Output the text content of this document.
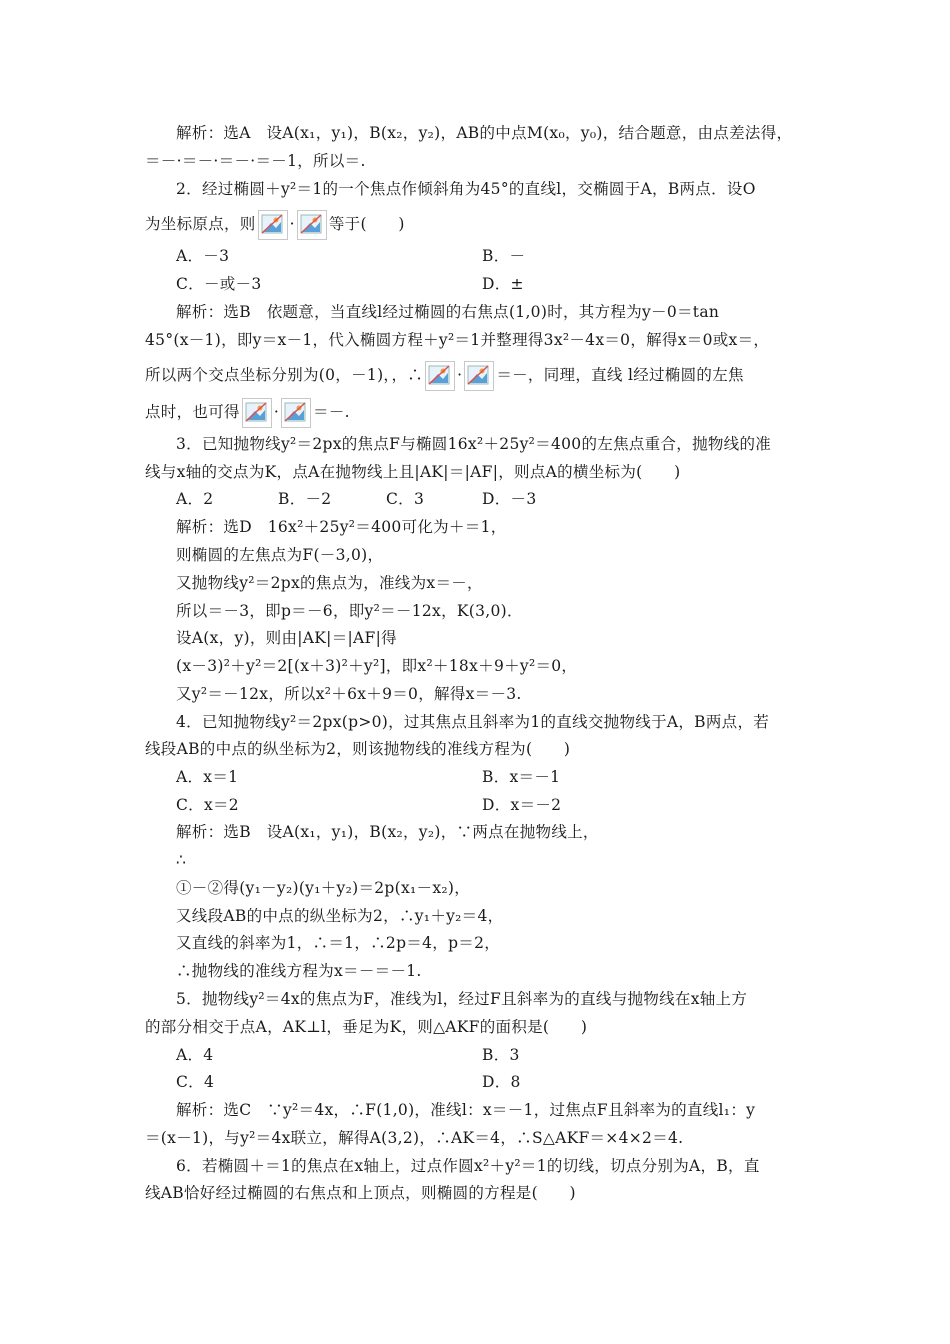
解析：选A　设A(x₁，y₁)，B(x₂，y₂)，AB的中点M(x₀，y₀)，结合题意，由点差法得，
＝－·＝－·＝－·＝－1，所以＝.
2．经过椭圆＋y²＝1的一个焦点作倾斜角为45°的直线l，交椭圆于A，B两点．设O
为坐标原点，则 · 等于(　　)
A．－3	B．－
C．－或－3	D．±
解析：选B　依题意，当直线l经过椭圆的右焦点(1,0)时，其方程为y－0＝tan
45°(x－1)，即y＝x－1，代入椭圆方程＋y²＝1并整理得3x²－4x＝0，解得x＝0或x＝，
所以两个交点坐标分别为(0，－1)，，∴ · ＝－，同理，直线 l经过椭圆的左焦
点时，也可得 · ＝－.
3．已知抛物线y²＝2px的焦点F与椭圆16x²＋25y²＝400的左焦点重合，抛物线的准
线与x轴的交点为K，点A在抛物线上且|AK|＝|AF|，则点A的横坐标为(　　)
A．2	B．－2	C．3	D．－3
解析：选D　16x²＋25y²＝400可化为＋＝1，
则椭圆的左焦点为F(－3,0)，
又抛物线y²＝2px的焦点为，准线为x＝－，
所以＝－3，即p＝－6，即y²＝－12x，K(3,0)．
设A(x，y)，则由|AK|＝|AF|得
(x－3)²＋y²＝2[(x＋3)²＋y²]，即x²＋18x＋9＋y²＝0，
又y²＝－12x，所以x²＋6x＋9＝0，解得x＝－3.
4．已知抛物线y²＝2px(p>0)，过其焦点且斜率为1的直线交抛物线于A，B两点，若
线段AB的中点的纵坐标为2，则该抛物线的准线方程为(　　)
A．x＝1	B．x＝－1
C．x＝2	D．x＝－2
解析：选B　设A(x₁，y₁)，B(x₂，y₂)，∵两点在抛物线上，
∴
①－②得(y₁－y₂)(y₁＋y₂)＝2p(x₁－x₂)，
又线段AB的中点的纵坐标为2，∴y₁＋y₂＝4，
又直线的斜率为1，∴＝1，∴2p＝4，p＝2，
∴抛物线的准线方程为x＝－＝－1.
5．抛物线y²＝4x的焦点为F，准线为l，经过F且斜率为的直线与抛物线在x轴上方
的部分相交于点A，AK⊥l，垂足为K，则△AKF的面积是(　　)
A．4	B．3
C．4	D．8
解析：选C　∵y²＝4x，∴F(1,0)，准线l：x＝－1，过焦点F且斜率为的直线l₁：y
＝(x－1)，与y²＝4x联立，解得A(3,2)，∴AK＝4，∴S△AKF＝×4×2＝4.
6．若椭圆＋＝1的焦点在x轴上，过点作圆x²＋y²＝1的切线，切点分别为A，B，直
线AB恰好经过椭圆的右焦点和上顶点，则椭圆的方程是(　　)
